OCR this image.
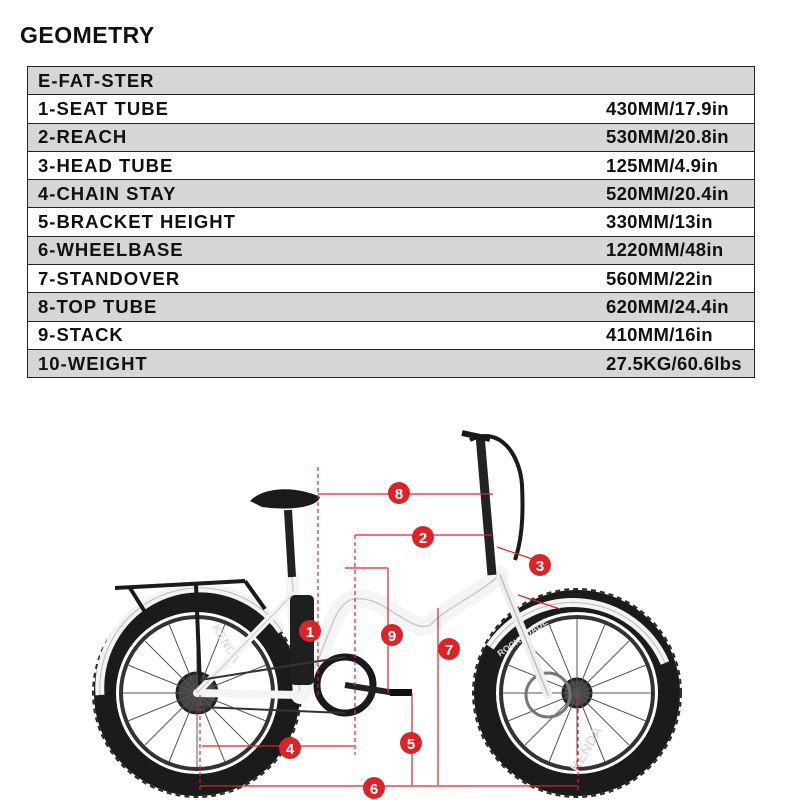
GEOMETRY
E-FAT-STER	
1-SEAT TUBE	430MM/17.9in
2-REACH	530MM/20.8in
3-HEAD TUBE	125MM/4.9in
4-CHAIN STAY	520MM/20.4in
5-BRACKET HEIGHT	330MM/13in
6-WHEELBASE	1220MM/48in
7-STANDOVER	560MM/22in
8-TOP TUBE	620MM/24.4in
9-STACK	410MM/16in
10-WEIGHT	27.5KG/60.6lbs
KENDA
KENDA	ROCKQUADE
1
2
3
4	5
6
7
8
9
